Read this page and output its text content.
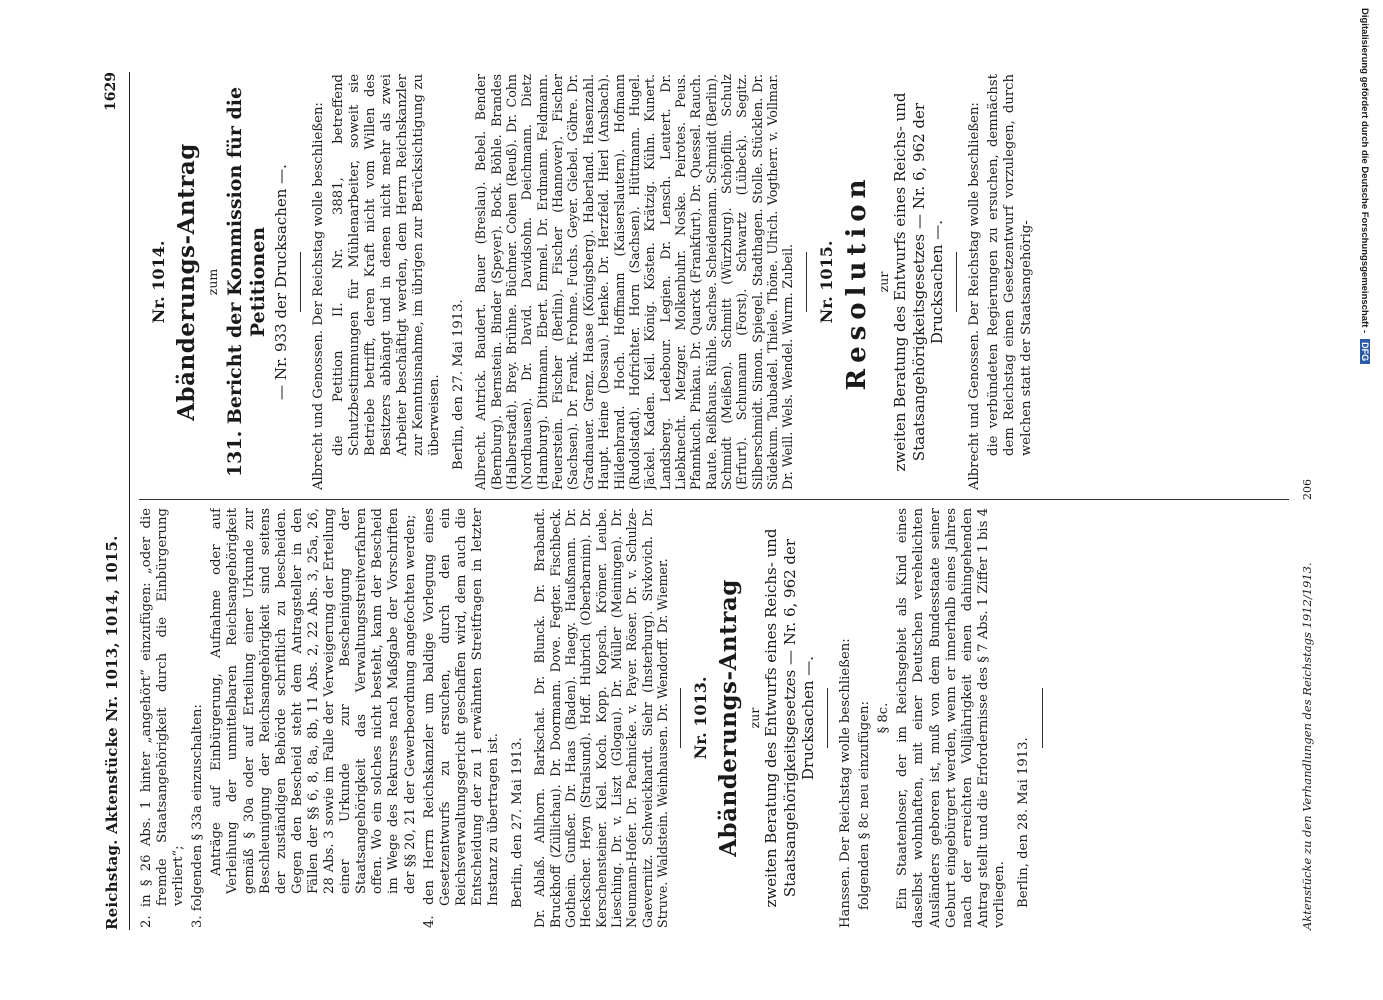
Digitalisierung gefördert durch die Deutsche Forschungsgemeinschaft -
DFG
Reichstag. Aktenstücke Nr. 1013, 1014, 1015.
1629

2. in § 26 Abs. 1 hinter „angehört“ einzufügen: „oder die fremde Staatsangehörigkeit durch die Einbürgerung verliert“; 3. folgenden § 33a einzuschalten: Anträge auf Einbürgerung, Aufnahme oder auf Verleihung der unmittelbaren Reichsangehörigkeit gemäß § 30a oder auf Erteilung einer Urkunde zur Beschleunigung der Reichsangehörigkeit sind seitens der zuständigen Behörde schriftlich zu bescheiden. Gegen den Bescheid steht dem Antragsteller in den Fällen der §§ 6, 8, 8a, 8b, 11 Abs. 2, 22 Abs. 3, 25a, 26, 28 Abs. 3 sowie im Falle der Verweigerung der Erteilung einer Urkunde zur Bescheinigung der Staatsangehörigkeit das Verwaltungsstreitverfahren offen. Wo ein solches nicht besteht, kann der Bescheid im Wege des Rekurses nach Maßgabe der Vorschriften der §§ 20, 21 der Gewerbeordnung angefochten werden; 4. den Herrn Reichskanzler um baldige Vorlegung eines Gesetzentwurfs zu ersuchen, durch den ein Reichsverwaltungsgericht geschaffen wird, dem auch die Entscheidung der zu 1 erwähnten Streitfragen in letzter Instanz zu übertragen ist. Berlin, den 27. Mai 1913. Dr. Ablaß. Ahlhorn. Barkschat. Dr. Blunck. Dr. Brabandt. Bruckhoff (Züllichau). Dr. Doormann. Dove. Fegter. Fischbeck. Gothein. Gunßer. Dr. Haas (Baden). Haegy. Haußmann. Dr. Heckscher. Heyn (Stralsund). Hoff. Hubrich (Oberbarnim). Dr. Kerschensteiner. Kiel. Koch. Kopp. Kopsch. Krömer. Leube. Liesching. Dr. v. Liszt (Glogau). Dr. Müller (Meiningen). Dr. Neumann-Hofer. Dr. Pachnicke. v. Payer. Röser. Dr. v. Schulze-Gaevernitz. Schweickhardt. Siehr (Insterburg). Sivkovich. Dr. Struve. Waldstein. Weinhausen. Dr. Wendorff. Dr. Wiemer. Nr. 1013. Abänderungs-Antrag zur zweiten Beratung des Entwurfs eines Reichs- und Staatsangehörigkeitsgesetzes — Nr. 6, 962 der Drucksachen —. Hanssen. Der Reichstag wolle beschließen: folgenden § 8c neu einzufügen: § 8c. Ein Staatenloser, der im Reichsgebiet als Kind eines daselbst wohnhaften, mit einer Deutschen verehelichten Ausländers geboren ist, muß von dem Bundesstaate seiner Geburt eingebürgert werden, wenn er innerhalb eines Jahres nach der erreichten Volljährigkeit einen dahingehenden Antrag stellt und die Erfordernisse des § 7 Abs. 1 Ziffer 1 bis 4 vorliegen. Berlin, den 28. Mai 1913.

Nr. 1014. Abänderungs-Antrag zum 131. Bericht der Kommission für die Petitionen — Nr. 933 der Drucksachen —. Albrecht und Genossen. Der Reichstag wolle beschließen: die Petition II. Nr. 3881, betreffend Schutzbestimmungen für Mühlenarbeiter, soweit sie Betriebe betrifft, deren Kraft nicht vom Willen des Besitzers abhängt und in denen nicht mehr als zwei Arbeiter beschäftigt werden, dem Herrn Reichskanzler zur Kenntnisnahme, im übrigen zur Berücksichtigung zu überweisen. Berlin, den 27. Mai 1913. Albrecht. Antrick. Baudert. Bauer (Breslau). Bebel. Bender (Bernburg). Bernstein. Binder (Speyer). Bock. Böhle. Brandes (Halberstadt). Brey. Brühne. Büchner. Cohen (Reuß). Dr. Cohn (Nordhausen). Dr. David. Davidsohn. Deichmann. Dietz (Hamburg). Dittmann. Ebert. Emmel. Dr. Erdmann. Feldmann. Feuerstein. Fischer (Berlin). Fischer (Hannover). Fischer (Sachsen). Dr. Frank. Frohme. Fuchs. Geyer. Giebel. Göhre. Dr. Gradnauer. Grenz. Haase (Königsberg). Haberland. Hasenzahl. Haupt. Heine (Dessau). Henke. Dr. Herzfeld. Hierl (Ansbach). Hildenbrand. Hoch. Hoffmann (Kaiserslautern). Hofmann (Rudolstadt). Hofrichter. Horn (Sachsen). Hüttmann. Hugel. Jäckel. Kaden. Keil. König. Kösten. Krätzig. Kühn. Kunert. Landsberg. Ledebour. Legien. Dr. Lensch. Leutert. Dr. Liebknecht. Metzger. Molkenbuhr. Noske. Peirotes. Peus. Pfannkuch. Pinkau. Dr. Quarck (Frankfurt). Dr. Quessel. Rauch. Raute. Reißhaus. Rühle. Sachse. Scheidemann. Schmidt (Berlin). Schmidt (Meißen). Schmitt (Würzburg). Schöpflin. Schulz (Erfurt). Schumann (Forst). Schwartz (Lübeck). Segitz. Silberschmidt. Simon. Spiegel. Stadthagen. Stolle. Stücklen. Dr. Südekum. Taubadel. Thiele. Thöne. Ulrich. Vogtherr. v. Vollmar. Dr. Weill. Wels. Wendel. Wurm. Zubeil. Nr. 1015. Resolution zur zweiten Beratung des Entwurfs eines Reichs- und Staatsangehörigkeitsgesetzes — Nr. 6, 962 der Drucksachen —. Albrecht und Genossen. Der Reichstag wolle beschließen: die verbündeten Regierungen zu ersuchen, demnächst dem Reichstag einen Gesetzentwurf vorzulegen, durch welchen statt der Staatsangehörig-

Aktenstücke zu den Verhandlungen des Reichstags 1912/1913.
206
